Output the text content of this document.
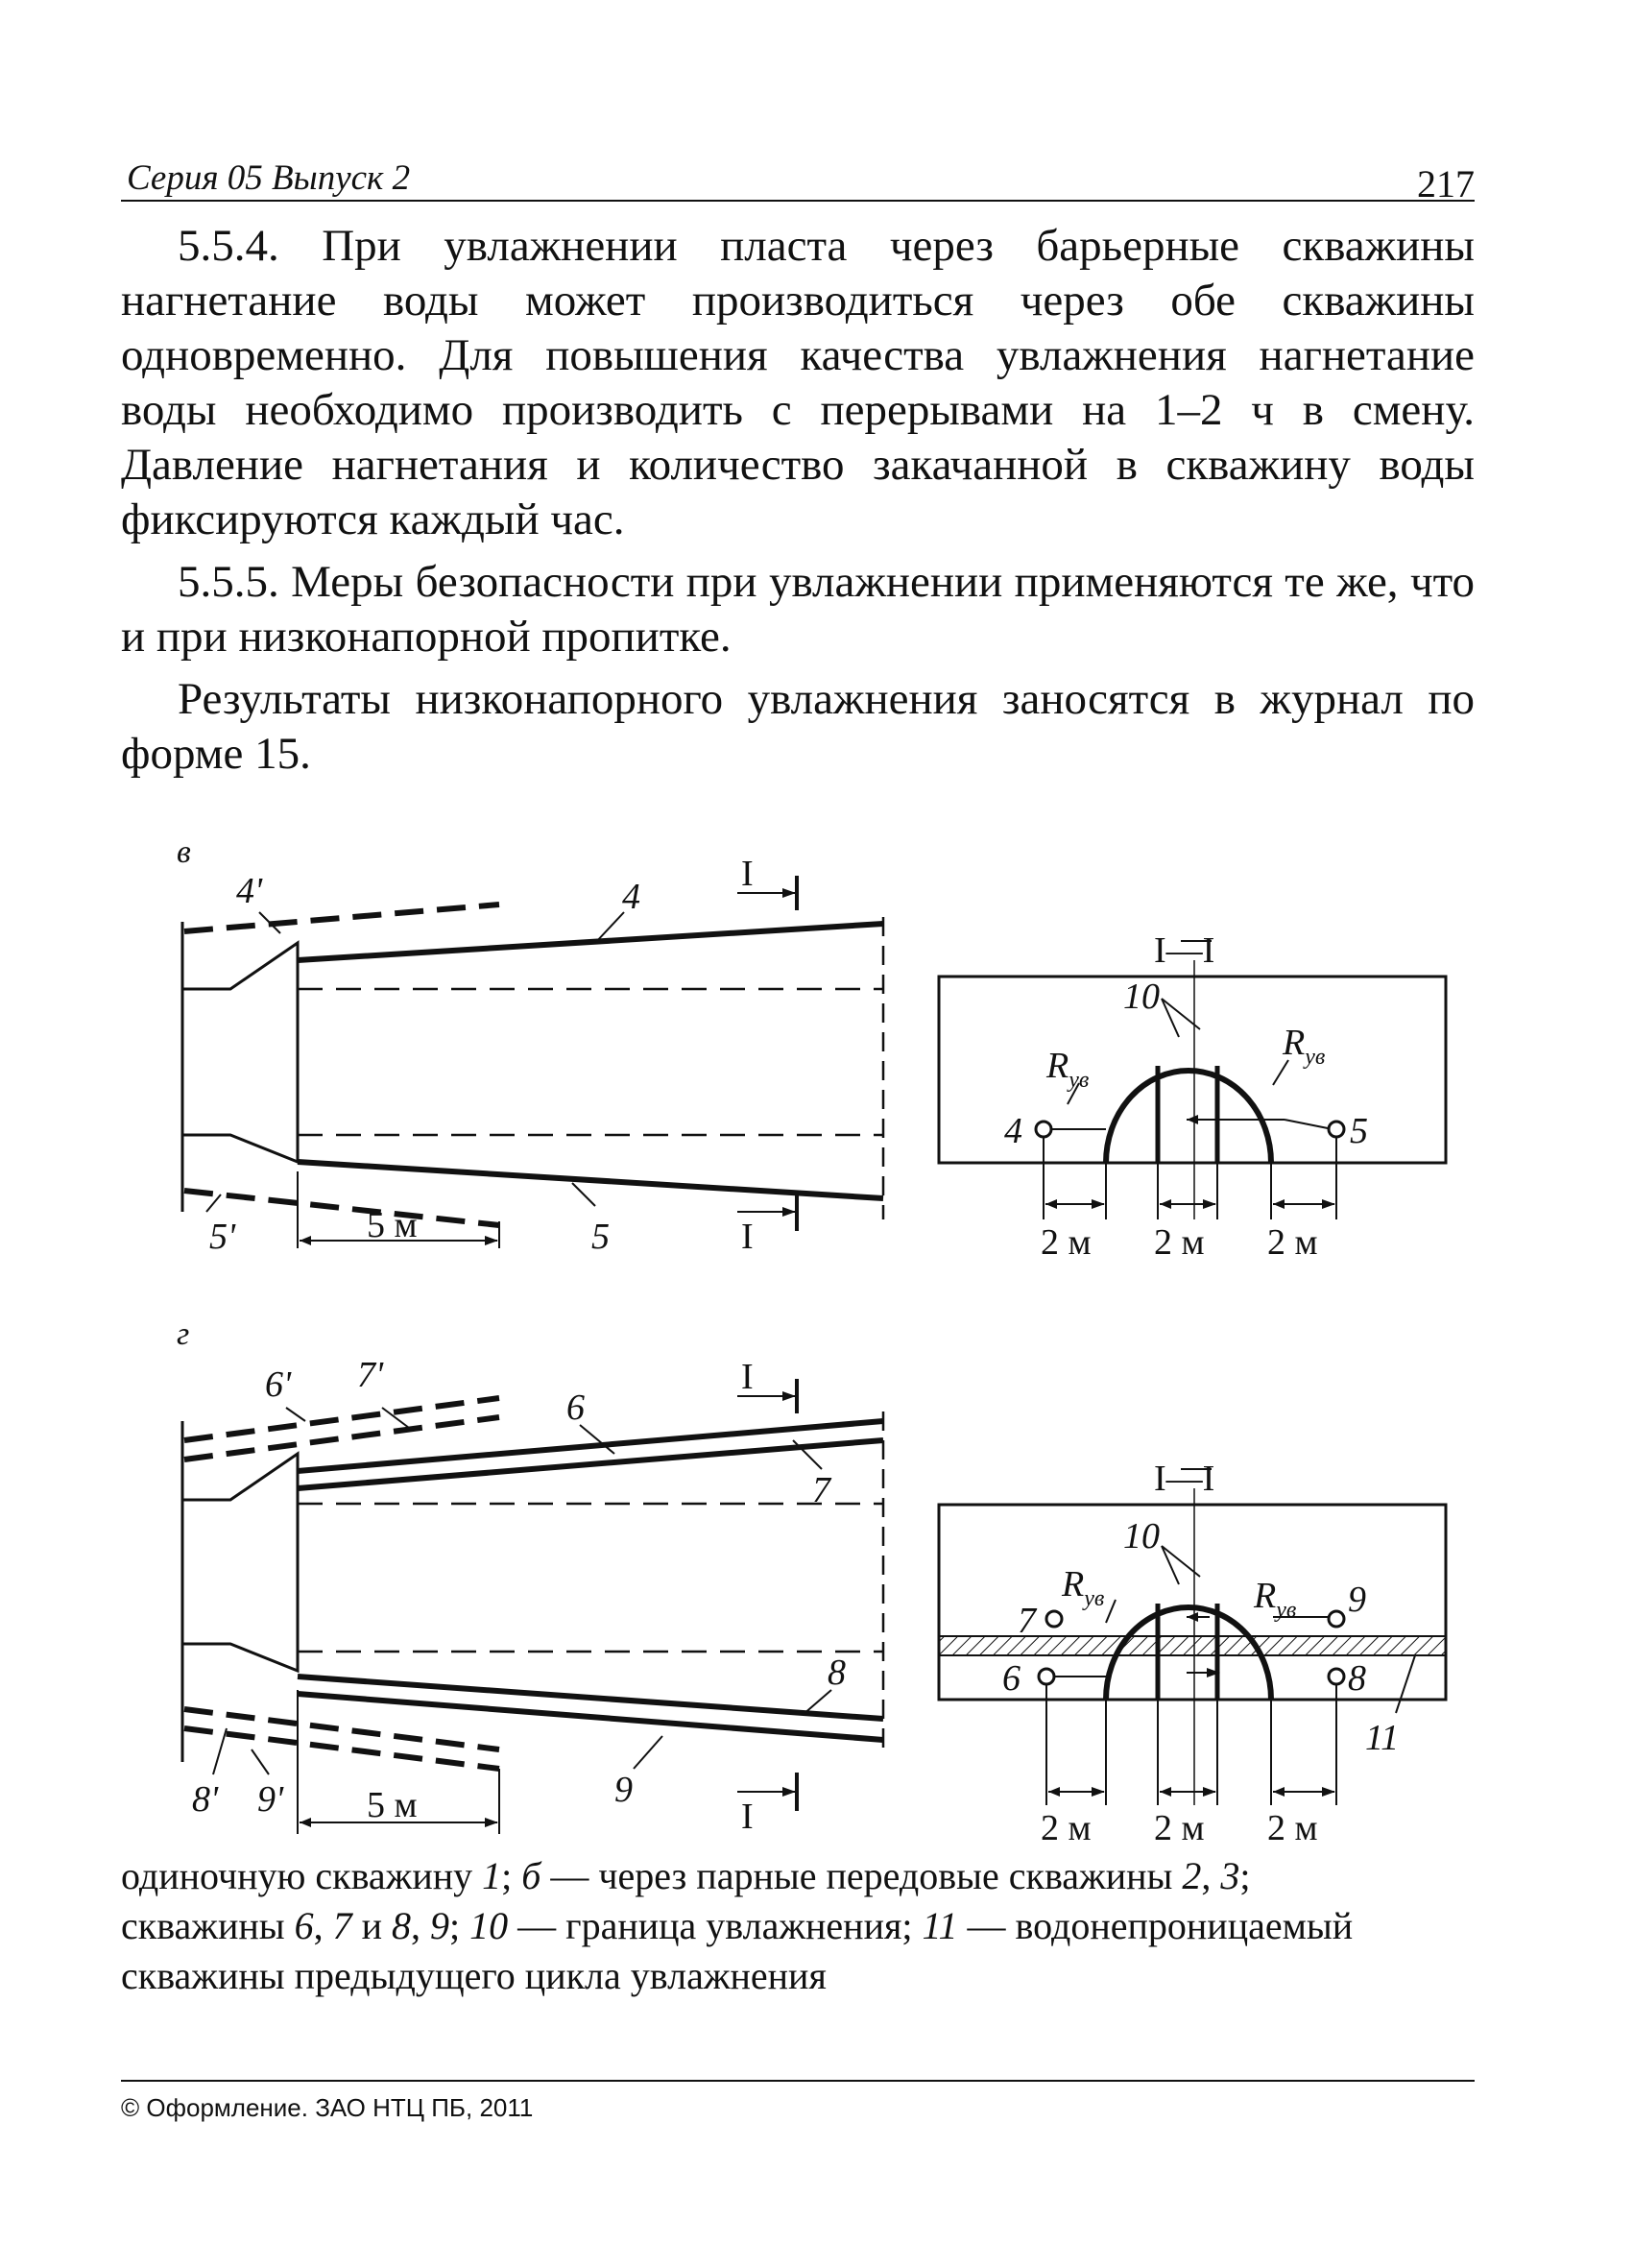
Серия 05 Выпуск 2	217

5.5.4. При увлажнении пласта через барьерные скважины нагнетание воды может производиться через обе скважины одновременно. Для повышения качества увлажнения нагнетание воды необходимо производить с перерывами на 1–2 ч в смену. Давление нагнетания и количество закачанной в скважину воды фиксируются каждый час.

5.5.5. Меры безопасности при увлажнении применяются те же, что и при низконапорной пропитке.

Результаты низконапорного увлажнения заносятся в журнал по форме 15.

в
4'	4
5'	5
I
I
5 м
I—I
10
$R_{ув}$
$R_{ув}$
4	5
2 м 2 м 2 м
г
6' 7'
6
7
8
9
8' 9'
I
I
5 м
I—I
10
$R_{ув}$	$R_{ув}$
7
9
6	8
11
2 м 2 м 2 м
одиночную скважину 1; б — через парные передовые скважины 2, 3;
скважины 6, 7 и 8, 9; 10 — граница увлажнения; 11 — водонепроницаемый
скважины предыдущего цикла увлажнения
© Оформление. ЗАО НТЦ ПБ, 2011
